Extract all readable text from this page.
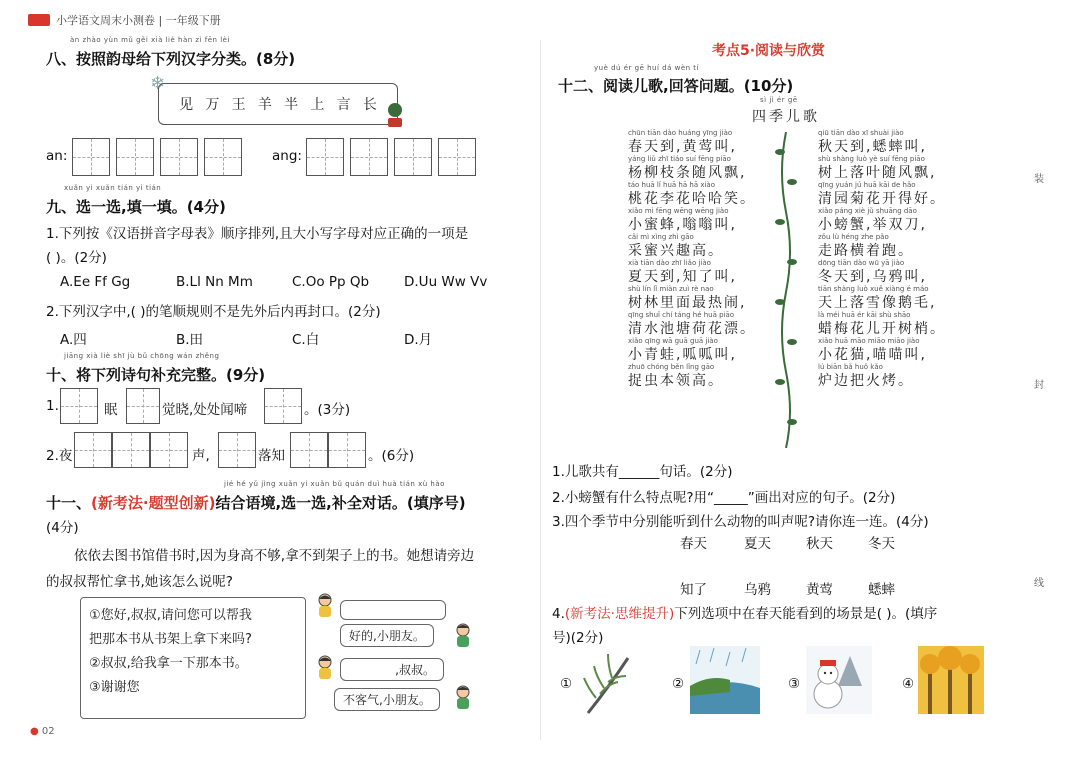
小学语文周末小测卷 | 一年级下册
àn zhào yùn mǔ gěi xià liè hàn zì fēn lèi
八、按照韵母给下列汉字分类。(8分)
❄
见 万 王 羊 半 上 言 长
an:	ang:
xuǎn yi xuǎn tián yi tián
九、选一选,填一填。(4分)
1.下列按《汉语拼音字母表》顺序排列,且大小写字母对应正确的一项是
( )。(2分)
A.Ee Ff Gg	B.Ll Nn Mm	C.Oo Pp Qb	D.Uu Ww Vv
2.下列汉字中,( )的笔顺规则不是先外后内再封口。(2分)
A.四	B.田	C.白	D.月
jiāng xià liè shī jù bǔ chōng wán zhěng
十、将下列诗句补充完整。(9分)
1.	眠	觉晓,处处闻啼	。(3分)
2.夜	声,	落知	。(6分)
jié hé yǔ jìng xuǎn yi xuǎn bǔ quán duì huà tián xù hào
十一、(新考法·题型创新)结合语境,选一选,补全对话。(填序号)
(4分)
依依去图书馆借书时,因为身高不够,拿不到架子上的书。她想请旁边
的叔叔帮忙拿书,她该怎么说呢?
①您好,叔叔,请问您可以帮我
把那本书从书架上拿下来吗?
②叔叔,给我拿一下那本书。
③谢谢您
好的,小朋友。
,叔叔。
不客气,小朋友。
● 02
考点5·阅读与欣赏
yuè dú ér gē huí dá wèn tí
十二、阅读儿歌,回答问题。(10分)
sì jì ér gē
四季儿歌
chūn tiān dào huáng yīng jiào
春天到,黄莺叫,
yáng liǔ zhī tiáo suí fēng piāo
杨柳枝条随风飘,
táo huā lǐ huā hā hā xiào
桃花李花哈哈笑。
xiǎo mì fēng wēng wēng jiào
小蜜蜂,嗡嗡叫,
cǎi mì xìng zhì gāo
采蜜兴趣高。
xià tiān dào zhī liǎo jiào
夏天到,知了叫,
shù lín lǐ miàn zuì rè nao
树林里面最热闹,
qīng shuǐ chí táng hé huā piāo
清水池塘荷花漂。
xiǎo qīng wā guā guā jiào
小青蛙,呱呱叫,
zhuō chóng běn lǐng gāo
捉虫本领高。
qiū tiān dào xī shuài jiào
秋天到,蟋蟀叫,
shù shàng luò yè suí fēng piāo
树上落叶随风飘,
qīng yuán jú huā kāi de hǎo
清园菊花开得好。
xiǎo páng xiè jǔ shuāng dāo
小螃蟹,举双刀,
zǒu lù héng zhe pǎo
走路横着跑。
dōng tiān dào wū yā jiào
冬天到,乌鸦叫,
tiān shàng luò xuě xiàng é máo
天上落雪像鹅毛,
là méi huā ér kāi shù shāo
蜡梅花儿开树梢。
xiǎo huā māo miāo miāo jiào
小花猫,喵喵叫,
lú biān bǎ huǒ kǎo
炉边把火烤。
1.儿歌共有______句话。(2分)
2.小螃蟹有什么特点呢?用“_____”画出对应的句子。(2分)
3.四个季节中分别能听到什么动物的叫声呢?请你连一连。(4分)
春天	夏天	秋天	冬天
知了	乌鸦	黄莺	蟋蟀
4.(新考法·思维提升)下列选项中在春天能看到的场景是( )。(填序
号)(2分)
①	②	③	④
装
封
线
